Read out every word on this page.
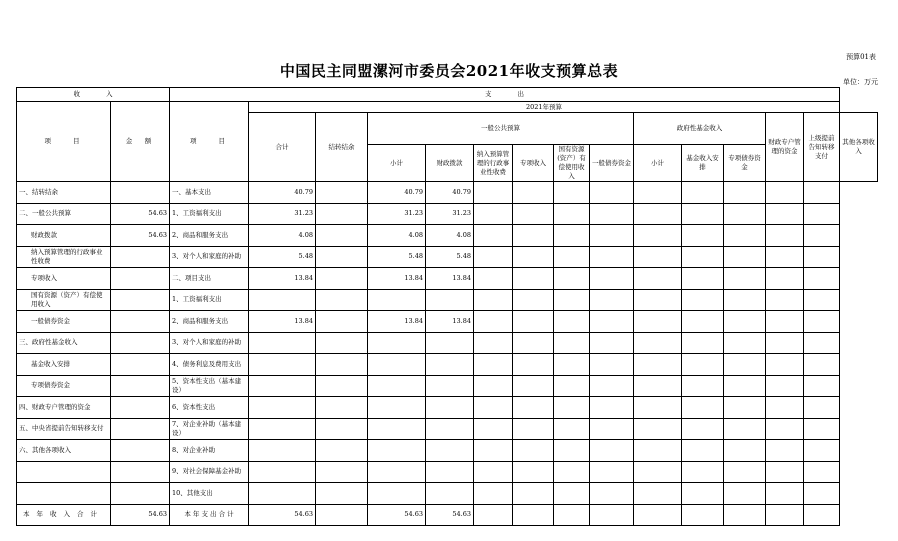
预算01表
中国民主同盟漯河市委员会2021年收支预算总表
单位：万元
收　　　　入		支　　　　出														
项　　目	金　额	项　　目	2021年预算													
			合计	结转结余	一般公共预算						政府性基金收入			财政专户管理的资金	上级提前告知转移支付	其他各项收入
					小计	财政拨款	纳入预算管理的行政事业性收费	专项收入	国有资源(资产）有偿使用收入	一般债券资金	小计	基金收入安排	专项债券资金			

一、结转结余		一、基本支出	40.79		40.79	40.79										
二、一般公共预算	54.63	1、工资福利支出	31.23		31.23	31.23										
财政拨款	54.63	2、商品和服务支出	4.08		4.08	4.08										
纳入预算管理的行政事业性收费		3、对个人和家庭的补助	5.48		5.48	5.48										
专项收入		二、项目支出	13.84		13.84	13.84										
国有资源（资产）有偿使用收入		1、工资福利支出														
一般债券资金		2、商品和服务支出	13.84		13.84	13.84										
三、政府性基金收入		3、对个人和家庭的补助														
基金收入安排		4、债务利息及费用支出														
专项债券资金		5、资本性支出（基本建设）														
四、财政专户管理的资金		6、资本性支出														
五、中央省提前告知转移支付		7、对企业补助（基本建设）														
六、其他各项收入		8、对企业补助														
		9、对社会保障基金补助														
		10、其他支出														
本年收入合计	54.63	本 年 支 出 合 计	54.63		54.63	54.63										
